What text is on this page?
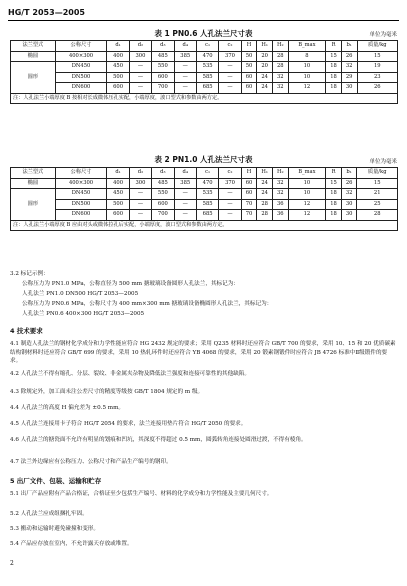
HG/T 2053—2005
表 1 PN0.6 人孔法兰尺寸表	单位为毫米
法兰型式	公称尺寸	d₁	d₂	d₃	d₄	c₁	c₂	H	H₁	H₂	B_max	R	b₁	质量/kg
椭圆	400×300	400	300	485	385	470	370	50	20	28	8	15	26	15
圆形	DN450	450	—	550	—	535	—	50	20	28	10	18	32	19
	DN500	500	—	600	—	585	—	60	24	32	10	18	29	23
	DN600	600	—	700	—	685	—	60	24	32	12	18	30	26
注：人孔法兰小端厚度 B 按相对长成微体压孔实配，小端厚度，波口型式和参数由两方定。														
表 2 PN1.0 人孔法兰尺寸表	单位为毫米
法兰型式	公称尺寸	d₁	d₂	d₃	d₄	c₁	c₂	H	H₁	H₂	B_max	R	b₁	质量/kg
椭圆	400×300	400	300	485	385	470	370	60	24	32	10	15	26	15
圆形	DN450	450	—	550	—	535	—	60	24	32	10	18	32	21
	DN500	500	—	600	—	585	—	70	28	36	12	18	30	25
	DN600	600	—	700	—	685	—	70	28	36	12	18	30	28
注：人孔法兰小端厚度 B 应由对头或微体拉孔后实配，小端厚度，波口型式和参数由两方定。														
3.2 标记示例：
公称压力为 PN1.0 MPa，公称直径为 500 mm 搪玻璃设备圆形人孔法兰，其标记为：
人孔法兰 PN1.0 DN500 HG/T 2053—2005
公称压力为 PN0.6 MPa，公称尺寸为 400 mm×300 mm 搪玻璃设备椭圆形人孔法兰，其标记为：
人孔法兰 PN0.6 400×300 HG/T 2053—2005
4 技术要求
4.1 制造人孔法兰的钢材化学成分和力学性能应符合 HG 2432 规定的要求；采用 Q235 材料时还应符合 GB/T 700 的要求，采用 10、15 和 20 优质碳素结构钢材料时还应符合 GB/T 699 的要求，采用 10 热轧环件时还应符合 YB 4068 的要求，采用 20 锻素钢锻件时应符合 JB 4726 标准中Ⅱ级锻件的要求。
4.2 人孔法兰不得有缩孔、分层、裂纹、非金属夹杂物及降低法兰强度和连接可靠性的其他缺陷。
4.3 除规定外，加工面未注公差尺寸的精度等级按 GB/T 1804 规定的 m 级。
4.4 人孔法兰的高度 H 偏允差为 ±0.5 mm。
4.5 人孔法兰连接用卡子符合 HG/T 2054 的要求，法兰连接用垫片符合 HG/T 2050 的要求。
4.6 人孔法兰的搪瓷面不允许有明显的划痕和凹坑，其深度不得超过 0.5 mm，圆弧转角连接处圆滑过渡，不得有棱角。
4.7 法兰外边缘应有公称压力、公称尺寸和产品生产编号的钢印。
5 出厂文件、包装、运输和贮存
5.1 出厂产品应附有产品合格证，合格证至少包括生产编号、材料的化学成分和力学性能及主要几何尺寸。
5.2 人孔法兰应成组捆扎牢固。
5.3 搬动和运输时避免碰撞和变形。
5.4 产品应存放在室内，不允许露天存放或堆置。
2
